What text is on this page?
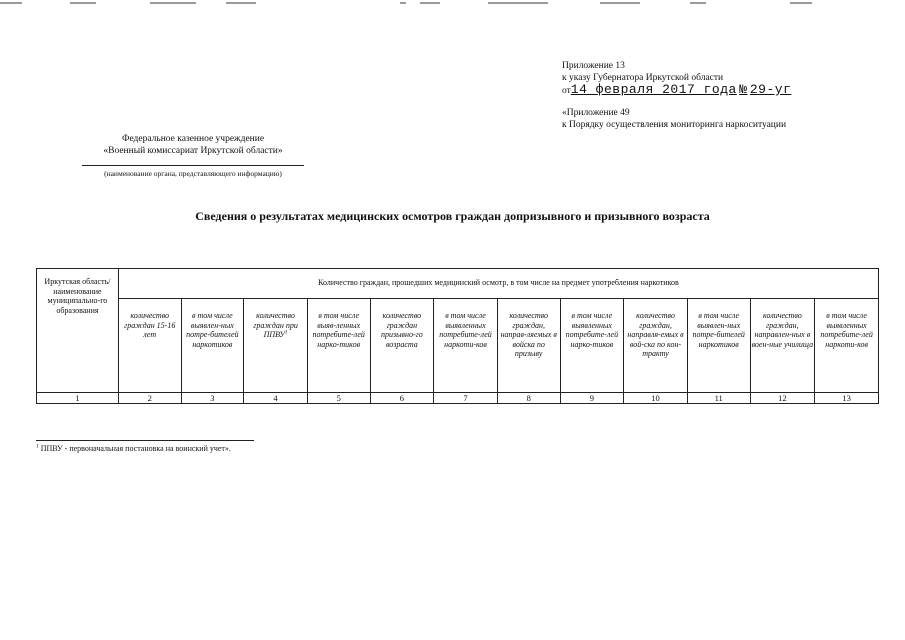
Приложение 13
к указу Губернатора Иркутской области
от14 февраля 2017 года № 29-уг
«Приложение 49
к Порядку осуществления мониторинга наркоситуации
Федеральное казенное учреждение
«Военный комиссариат Иркутской области»
(наименование органа, представляющего информацию)
Сведения о результатах медицинских осмотров граждан допризывного и призывного возраста
Иркутская область/ наименование муниципально-го образования	Количество граждан, прошедших медицинский осмотр, в том числе на предмет употребления наркотиков											
	количество граждан 15-16 лет	в том числе выявлен-ных потре-бителей наркотиков	количество граждан при ППВУ$^1$	в том числе выяв-ленных потребите-лей нарко-тиков	количество граждан призывно-го возраста	в том числе выявленных потребите-лей наркоти-ков	количество граждан, направ-ляемых в войска по призыву	в том числе выявленных потребите-лей нарко-тиков	количество граждан, направля-емых в вой-ска по кон-тракту	в том числе выявлен-ных потре-бителей наркотиков	количество граждан, направлен-ных в воен-ные училища	в том числе выявленных потребите-лей наркоти-ков
1	2	3	4	5	6	7	8	9	10	11	12	13
$^1$ ППВУ - первоначальная постановка на воинский учет».
